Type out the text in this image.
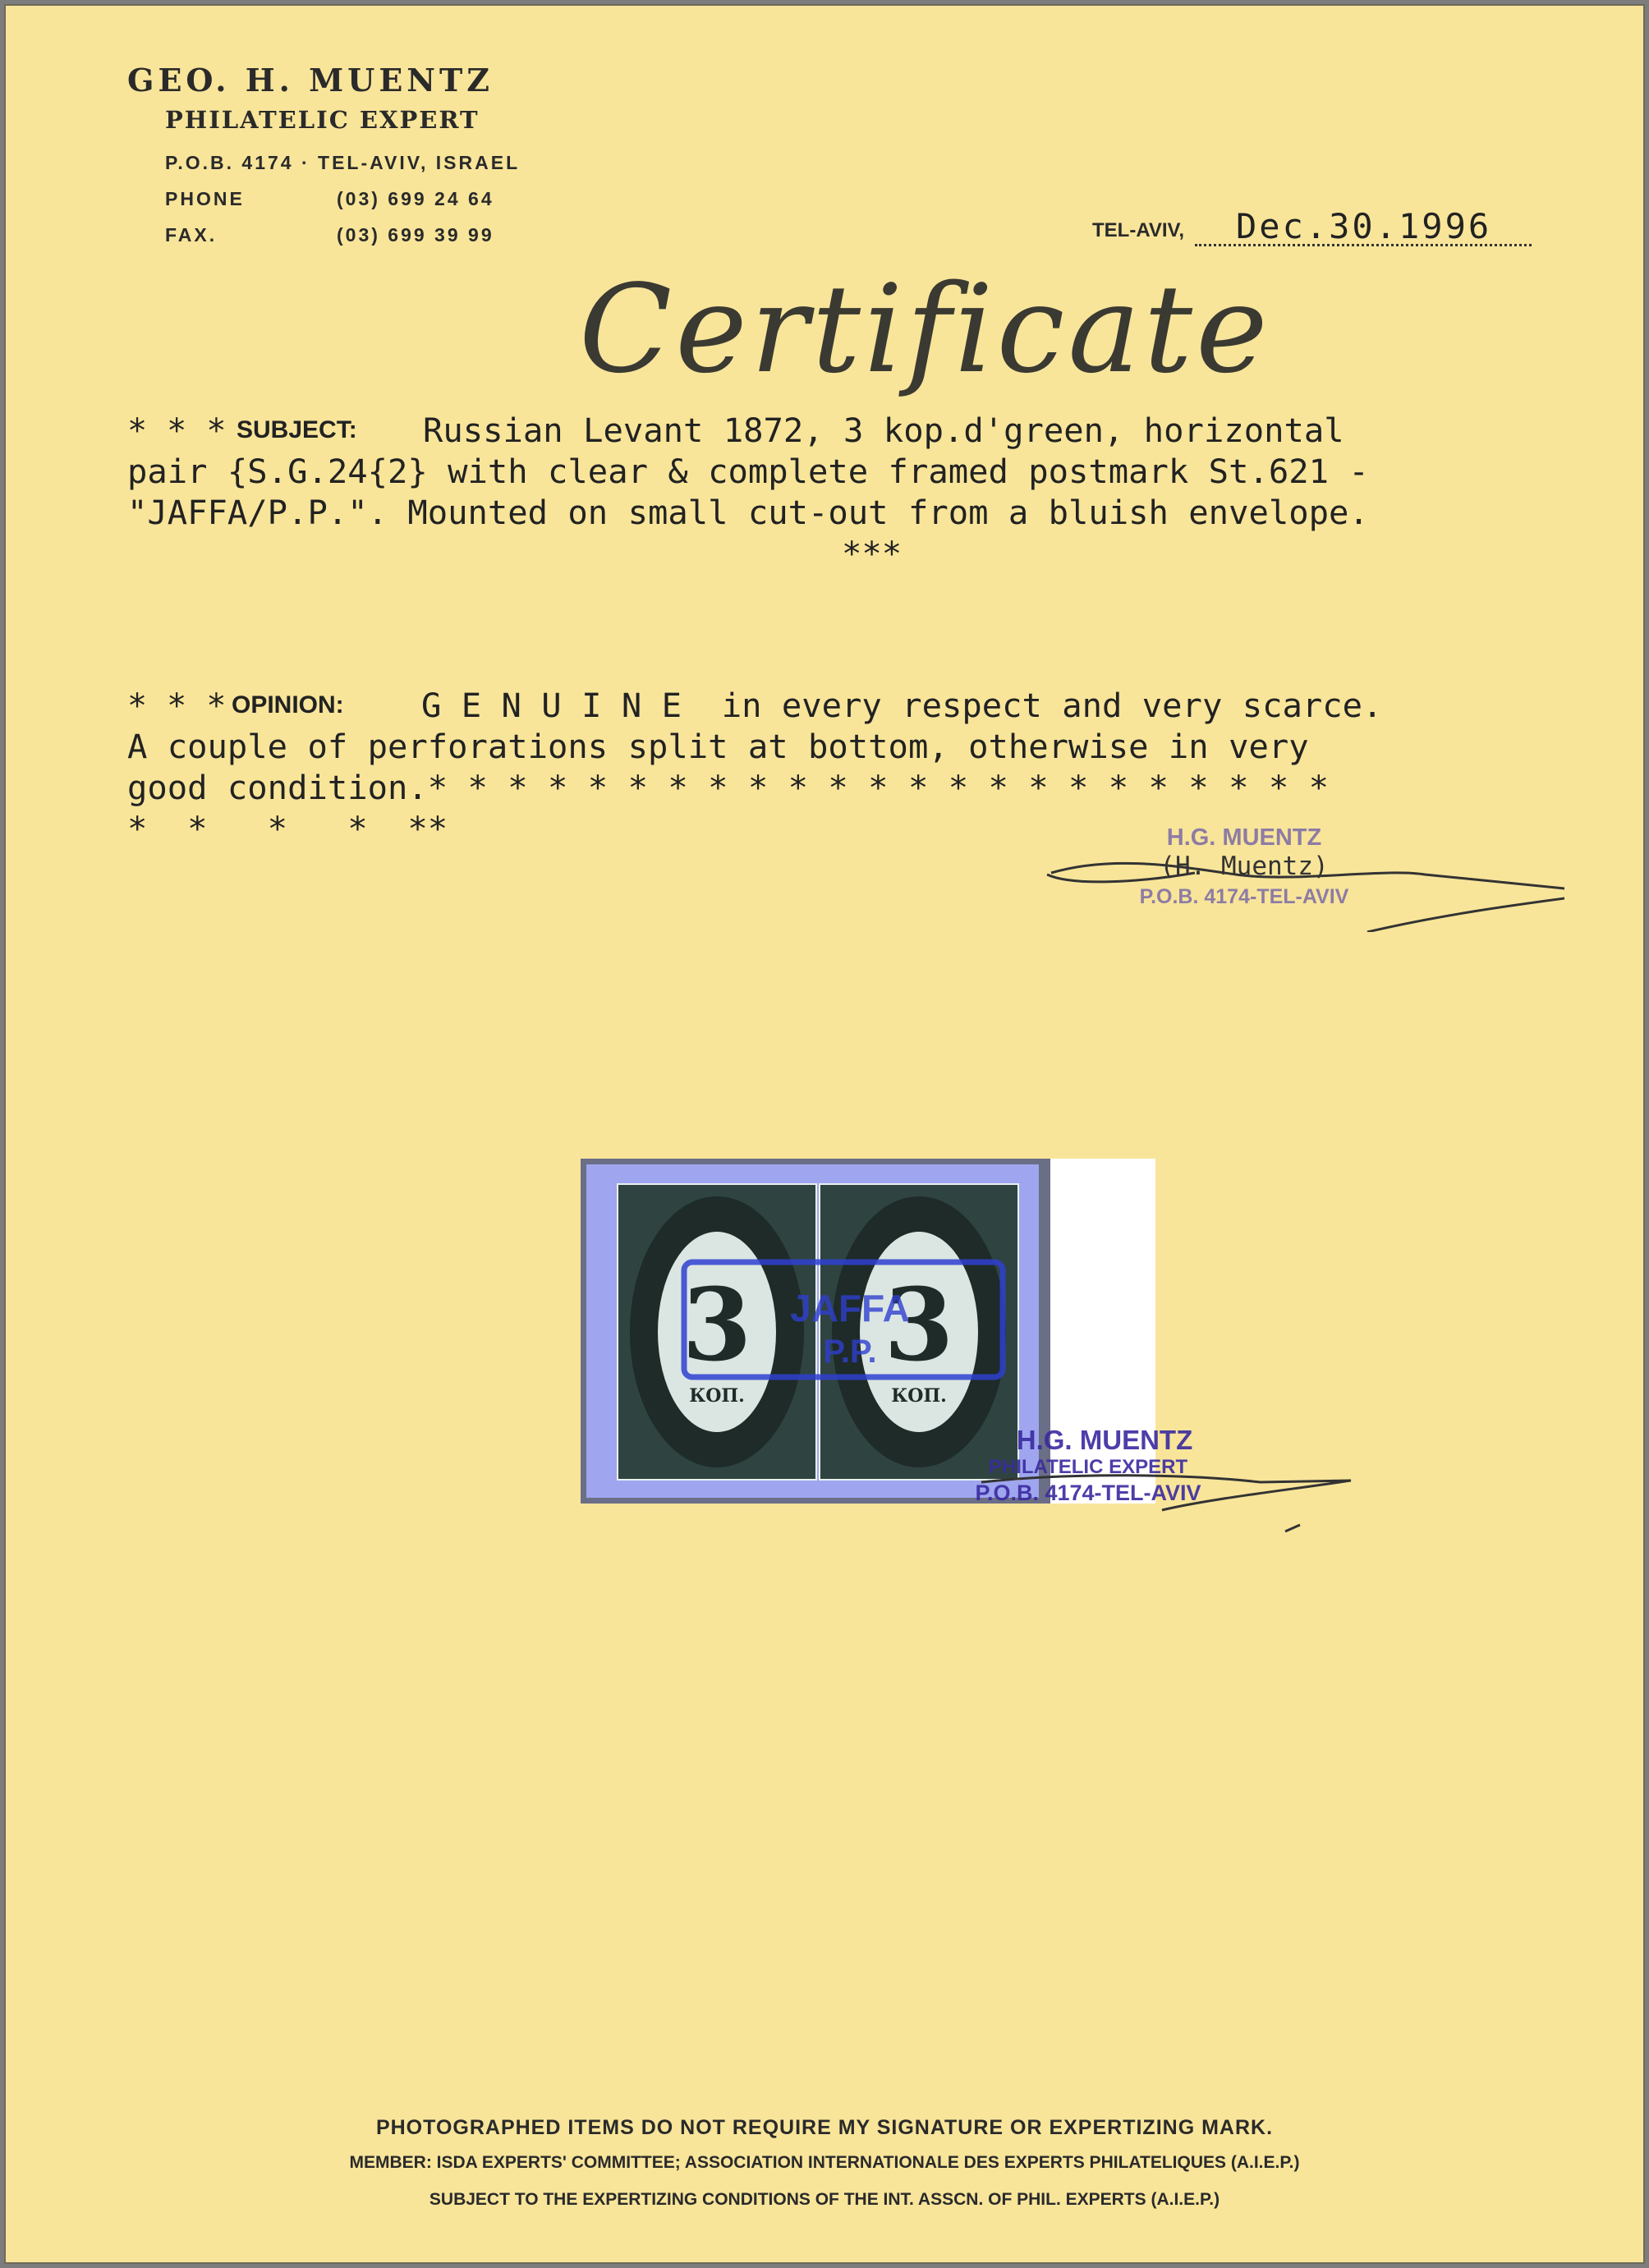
GEO. H. MUENTZ
PHILATELIC EXPERT
P.O.B. 4174 · TEL-AVIV, ISRAEL
PHONE	(03) 699 24 64
FAX.	(03) 699 39 99	TEL-AVIV, Dec.30.1996
Certificate
* * * SUBJECT: Russian Levant 1872, 3 kop.d'green, horizontal
pair {S.G.24{2} with clear & complete framed postmark St.621 -
"JAFFA/P.P.". Mounted on small cut-out from a bluish envelope.
***
* * * OPINION: G E N U I N E  in every respect and very scarce.
A couple of perforations split at bottom, otherwise in very
good condition.* * * * * * * * * * * * * * * * * * * * * * *
*  *   *   *  **	H.G. MUENTZ
(H. Muentz)
P.O.B. 4174-TEL-AVIV
3
КОП.
3
КОП.
JAFFA
P.P.
H.G. MUENTZ
PHILATELIC EXPERT
P.O.B. 4174-TEL-AVIV
PHOTOGRAPHED ITEMS DO NOT REQUIRE MY SIGNATURE OR EXPERTIZING MARK.
MEMBER: ISDA EXPERTS' COMMITTEE; ASSOCIATION INTERNATIONALE DES EXPERTS PHILATELIQUES (A.I.E.P.)
SUBJECT TO THE EXPERTIZING CONDITIONS OF THE INT. ASSCN. OF PHIL. EXPERTS (A.I.E.P.)
